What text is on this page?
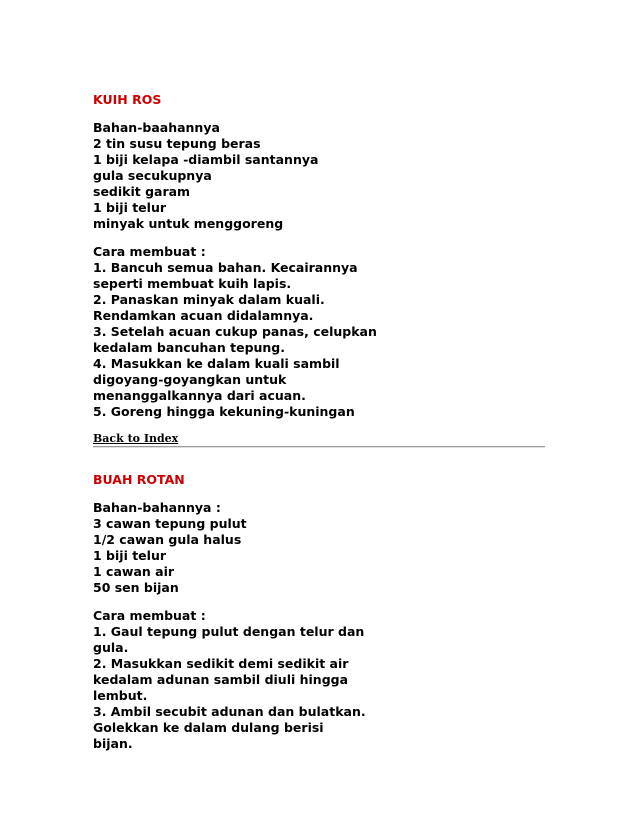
KUIH ROS
Bahan-baahannya
2 tin susu tepung beras
1 biji kelapa -diambil santannya
gula secukupnya
sedikit garam
1 biji telur
minyak untuk menggoreng
Cara membuat :
1. Bancuh semua bahan. Kecairannya
seperti membuat kuih lapis.
2. Panaskan minyak dalam kuali.
Rendamkan acuan didalamnya.
3. Setelah acuan cukup panas, celupkan
kedalam bancuhan tepung.
4. Masukkan ke dalam kuali sambil
digoyang-goyangkan untuk
menanggalkannya dari acuan.
5. Goreng hingga kekuning-kuningan
Back to Index
BUAH ROTAN
Bahan-bahannya :
3 cawan tepung pulut
1/2 cawan gula halus
1 biji telur
1 cawan air
50 sen bijan
Cara membuat :
1. Gaul tepung pulut dengan telur dan
gula.
2. Masukkan sedikit demi sedikit air
kedalam adunan sambil diuli hingga
lembut.
3. Ambil secubit adunan dan bulatkan.
Golekkan ke dalam dulang berisi
bijan.
